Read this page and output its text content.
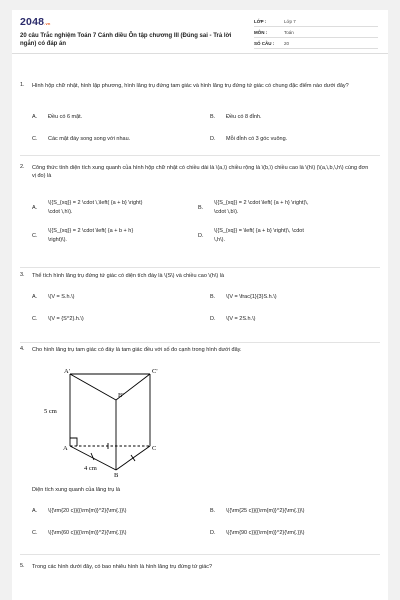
2048.vn
20 câu Trắc nghiệm Toán 7 Cánh diều Ôn tập chương III (Đúng sai - Trả lời ngắn) có đáp án
LỚP :	Lớp 7
MÔN :	Toán
SỐ CÂU :	20
1. Hình hộp chữ nhật, hình lập phương, hình lăng trụ đứng tam giác và hình lăng trụ đứng tứ giác có chung đặc điểm nào dưới đây?
A. Đều có 6 mặt.	B. Đều có 8 đỉnh.
C. Các mặt đáy song song với nhau.	D. Mỗi đỉnh có 3 góc vuông.
2. Công thức tính diện tích xung quanh của hình hộp chữ nhật có chiều dài là \(a,\) chiều rộng là \(b,\) chiều cao là \(h\) (\(a,\,b,\,h\) cùng đơn vị đo) là
A.
\({S_{xq}} = 2 \cdot \,\left( {a + b} \right)
\cdot \,h\).
B.
\({S_{xq}} = 2 \cdot \left( {a + h} \right)\,
\cdot \,b\).
C.
\({S_{xq}} = 2 \cdot \left( {a + b + h}
\right)\).
D.
\({S_{xq}} = \left( {a + b} \right)\, \cdot
\,h\).
3. Thể tích hình lăng trụ đứng tứ giác có diện tích đáy là \(S\) và chiều cao \(h\) là
A. \(V = S.h.\)	B. \(V = \frac{1}{3}S.h.\)
C. \(V = {S^2}.h.\)	D. \(V = 2S.h.\)
4. Cho hình lăng trụ tam giác có đáy là tam giác đều với số đo cạnh trong hình dưới đây.
A'	C'
B'
A	C
B
5 cm
4 cm
Diện tích xung quanh của lăng trụ là
A. \({\rm{20 c}}{{\rm{m}}^2}{\rm{.}}\)	B. \({\rm{25 c}}{{\rm{m}}^2}{\rm{.}}\)
C. \({\rm{60 c}}{{\rm{m}}^2}{\rm{.}}\)	D. \({\rm{90 c}}{{\rm{m}}^2}{\rm{.}}\)
5. Trong các hình dưới đây, có bao nhiêu hình là hình lăng trụ đứng tứ giác?
